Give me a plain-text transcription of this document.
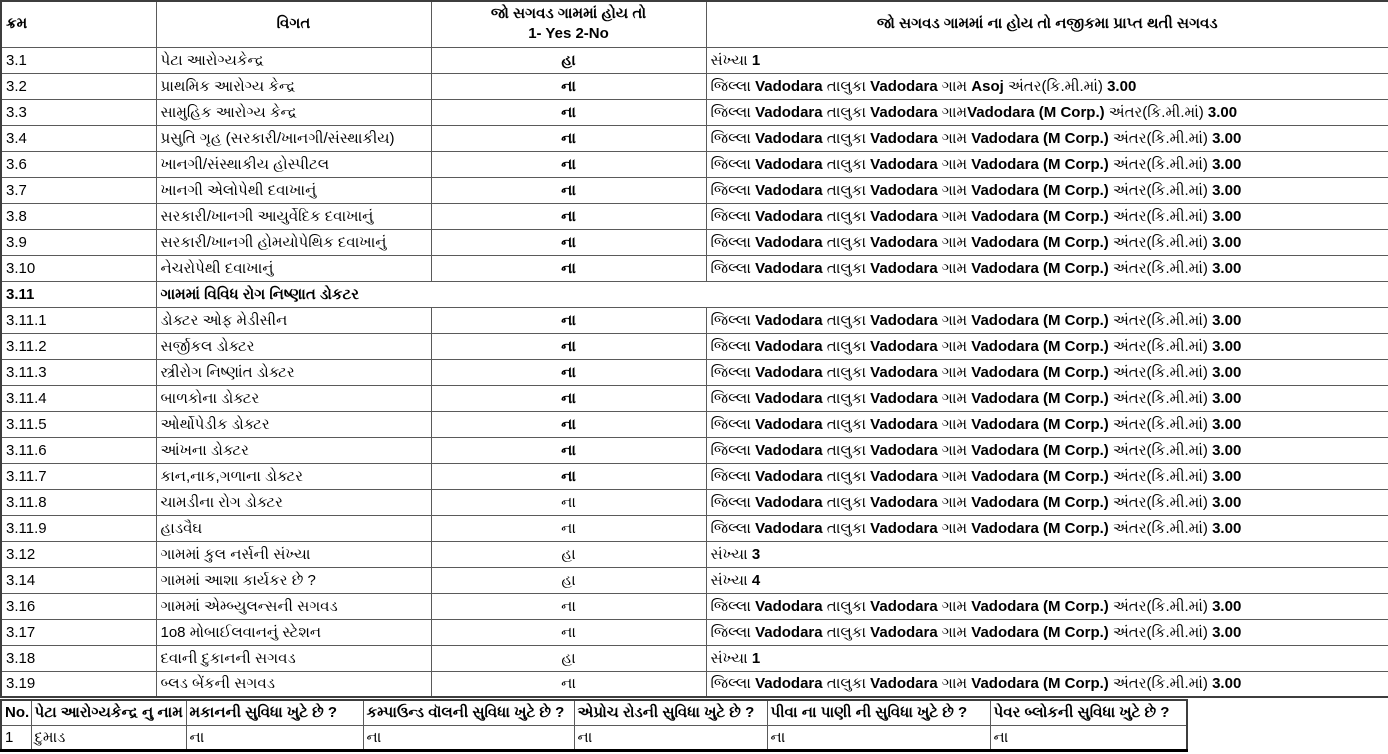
ક્રમ	વિગત	જો સગવડ ગામમાં હોય તો
1- Yes 2-No	જો સગવડ ગામમાં ના હોય તો નજીકમા પ્રાપ્ત થતી સગવડ
3.1	પેટા આરોગ્યકેન્દ્ર	હા	સંખ્યા 1
3.2	પ્રાથમિક આરોગ્ય કેન્દ્ર	ના	જિલ્લા Vadodara તાલુકા Vadodara ગામ Asoj અંતર(કિ.મી.માં) 3.00
3.3	સામુહિક આરોગ્ય કેન્દ્ર	ના	જિલ્લા Vadodara તાલુકા Vadodara ગામVadodara (M Corp.) અંતર(કિ.મી.માં) 3.00
3.4	પ્રસુતિ ગૃહ (સરકારી/ખાનગી/સંસ્થાકીય)	ના	જિલ્લા Vadodara તાલુકા Vadodara ગામ Vadodara (M Corp.) અંતર(કિ.મી.માં) 3.00
3.6	ખાનગી/સંસ્થાકીય હોસ્પીટલ	ના	જિલ્લા Vadodara તાલુકા Vadodara ગામ Vadodara (M Corp.) અંતર(કિ.મી.માં) 3.00
3.7	ખાનગી એલોપેથી દવાખાનું	ના	જિલ્લા Vadodara તાલુકા Vadodara ગામ Vadodara (M Corp.) અંતર(કિ.મી.માં) 3.00
3.8	સરકારી/ખાનગી આયુર્વેદિક દવાખાનું	ના	જિલ્લા Vadodara તાલુકા Vadodara ગામ Vadodara (M Corp.) અંતર(કિ.મી.માં) 3.00
3.9	સરકારી/ખાનગી હોમયોપેથિક દવાખાનું	ના	જિલ્લા Vadodara તાલુકા Vadodara ગામ Vadodara (M Corp.) અંતર(કિ.મી.માં) 3.00
3.10	નેચરોપેથી દવાખાનું	ના	જિલ્લા Vadodara તાલુકા Vadodara ગામ Vadodara (M Corp.) અંતર(કિ.મી.માં) 3.00
3.11	ગામમાં વિવિધ રોગ નિષ્ણાત ડોકટર		
3.11.1	ડોક્ટર ઓફ મેડીસીન	ના	જિલ્લા Vadodara તાલુકા Vadodara ગામ Vadodara (M Corp.) અંતર(કિ.મી.માં) 3.00
3.11.2	સર્જીકલ ડોક્ટર	ના	જિલ્લા Vadodara તાલુકા Vadodara ગામ Vadodara (M Corp.) અંતર(કિ.મી.માં) 3.00
3.11.3	સ્ત્રીરોગ નિષ્ણાંત ડોક્ટર	ના	જિલ્લા Vadodara તાલુકા Vadodara ગામ Vadodara (M Corp.) અંતર(કિ.મી.માં) 3.00
3.11.4	બાળકોના ડોક્ટર	ના	જિલ્લા Vadodara તાલુકા Vadodara ગામ Vadodara (M Corp.) અંતર(કિ.મી.માં) 3.00
3.11.5	ઓર્થોપેડીક ડોક્ટર	ના	જિલ્લા Vadodara તાલુકા Vadodara ગામ Vadodara (M Corp.) અંતર(કિ.મી.માં) 3.00
3.11.6	આંખના ડોક્ટર	ના	જિલ્લા Vadodara તાલુકા Vadodara ગામ Vadodara (M Corp.) અંતર(કિ.મી.માં) 3.00
3.11.7	કાન,નાક,ગળાના ડોક્ટર	ના	જિલ્લા Vadodara તાલુકા Vadodara ગામ Vadodara (M Corp.) અંતર(કિ.મી.માં) 3.00
3.11.8	ચામડીના રોગ ડોક્ટર	ના	જિલ્લા Vadodara તાલુકા Vadodara ગામ Vadodara (M Corp.) અંતર(કિ.મી.માં) 3.00
3.11.9	હાડવૈઘ	ના	જિલ્લા Vadodara તાલુકા Vadodara ગામ Vadodara (M Corp.) અંતર(કિ.મી.માં) 3.00
3.12	ગામમાં કુલ નર્સની સંખ્યા	હા	સંખ્યા 3
3.14	ગામમાં આશા કાર્યકર છે ?	હા	સંખ્યા 4
3.16	ગામમાં એમ્બ્યુલન્સની સગવડ	ના	જિલ્લા Vadodara તાલુકા Vadodara ગામ Vadodara (M Corp.) અંતર(કિ.મી.માં) 3.00
3.17	1o8 મોબાઈલવાનનું સ્ટેશન	ના	જિલ્લા Vadodara તાલુકા Vadodara ગામ Vadodara (M Corp.) અંતર(કિ.મી.માં) 3.00
3.18	દવાની દુકાનની સગવડ	હા	સંખ્યા 1
3.19	બ્લડ બેંકની સગવડ	ના	જિલ્લા Vadodara તાલુકા Vadodara ગામ Vadodara (M Corp.) અંતર(કિ.મી.માં) 3.00
No.	પેટા આરોગ્યકેન્દ્ર નુ નામ	મકાનની સુવિધા ખુટે છે ?	કમ્પાઉન્ડ વૉલની સુવિધા ખુટે છે ?	એપ્રોચ રોડની સુવિધા ખુટે છે ?	પીવા ના પાણી ની સુવિધા ખુટે છે ?	પેવર બ્લોકની સુવિધા ખુટે છે ?
1	દુમાડ	ના	ના	ના	ના	ના
